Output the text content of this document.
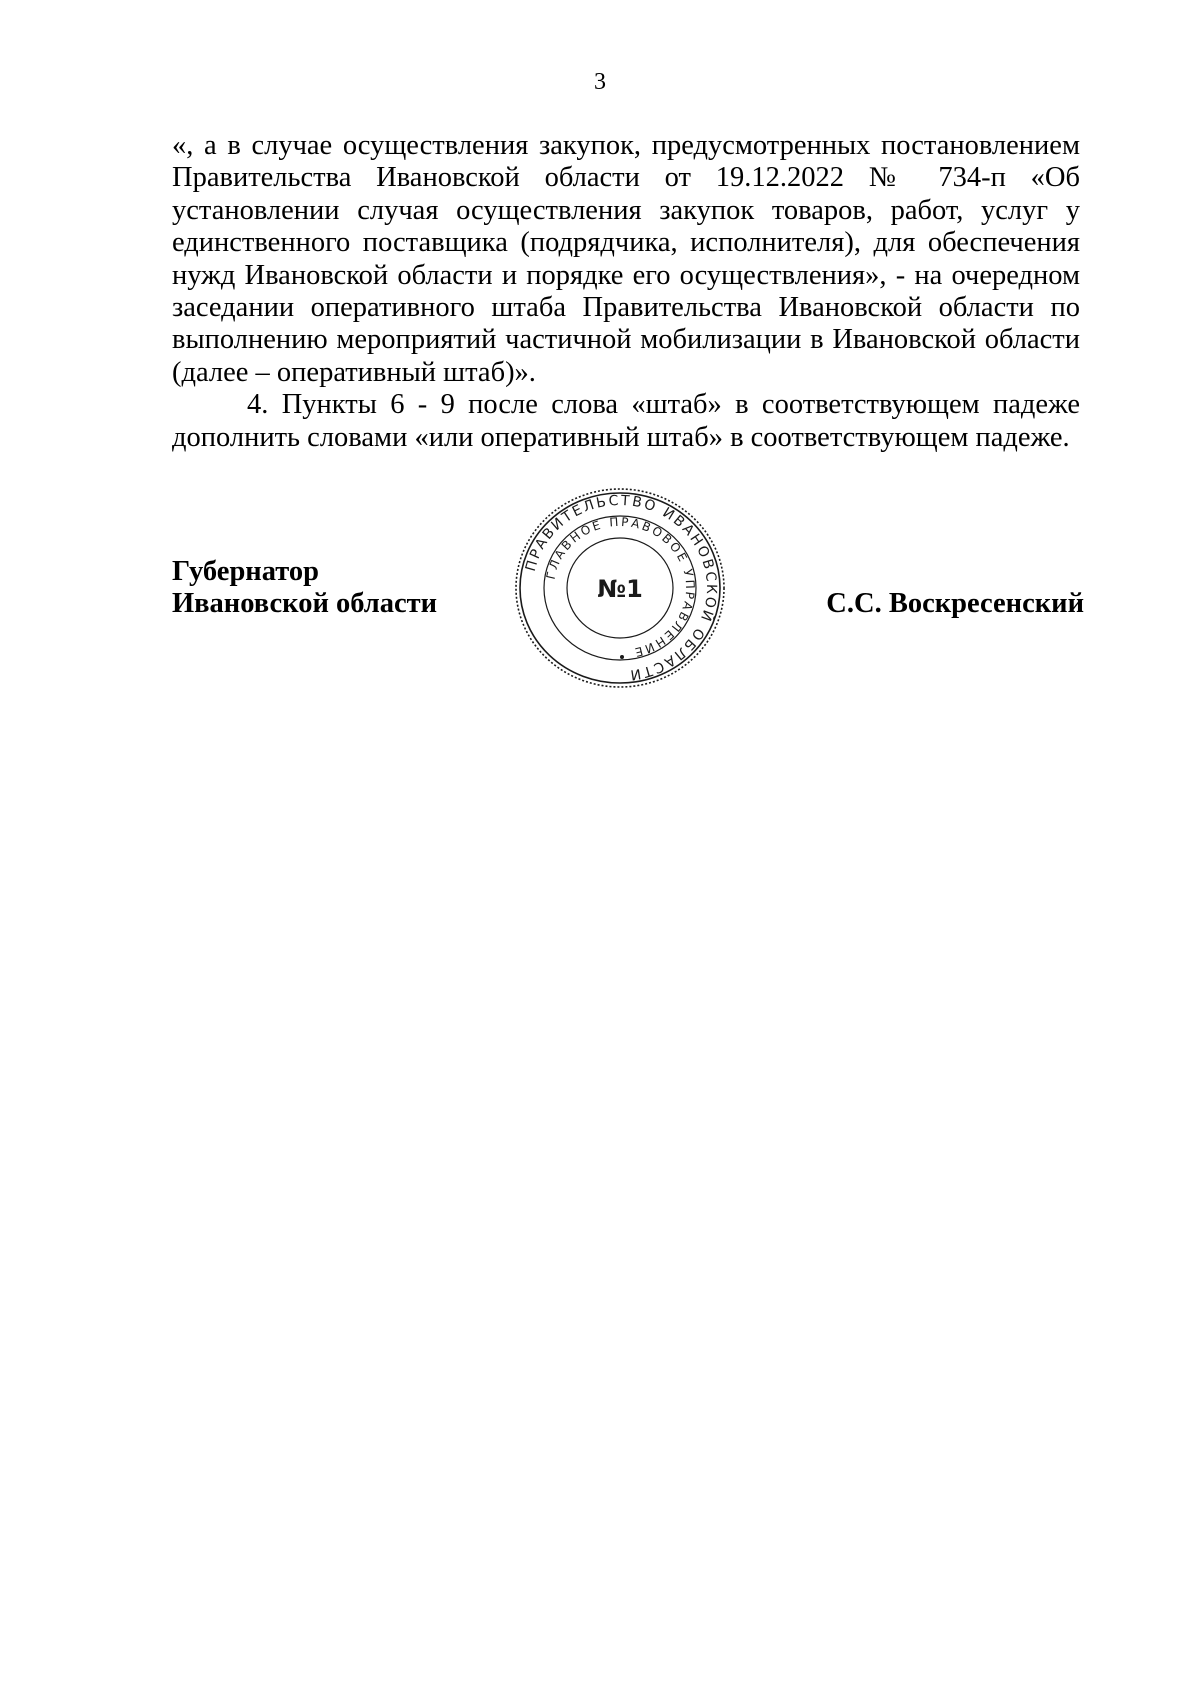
3

«, а в случае осуществления закупок, предусмотренных постановлением Правительства Ивановской области от 19.12.2022 № 734-п «Об установлении случая осуществления закупок товаров, работ, услуг у единственного поставщика (подрядчика, исполнителя), для обеспечения нужд Ивановской области и порядке его осуществления», - на очередном заседании оперативного штаба Правительства Ивановской области по выполнению мероприятий частичной мобилизации в Ивановской области (далее – оперативный штаб)».

4. Пункты 6 - 9 после слова «штаб» в соответствующем падеже дополнить словами «или оперативный штаб» в соответствующем падеже.

Губернатор
Ивановской области
ПРАВИТЕЛЬСТВО ИВАНОВСКОЙ ОБЛАСТИ
ГЛАВНОЕ ПРАВОВОЕ УПРАВЛЕНИЕ
№1	С.С. Воскресенский
